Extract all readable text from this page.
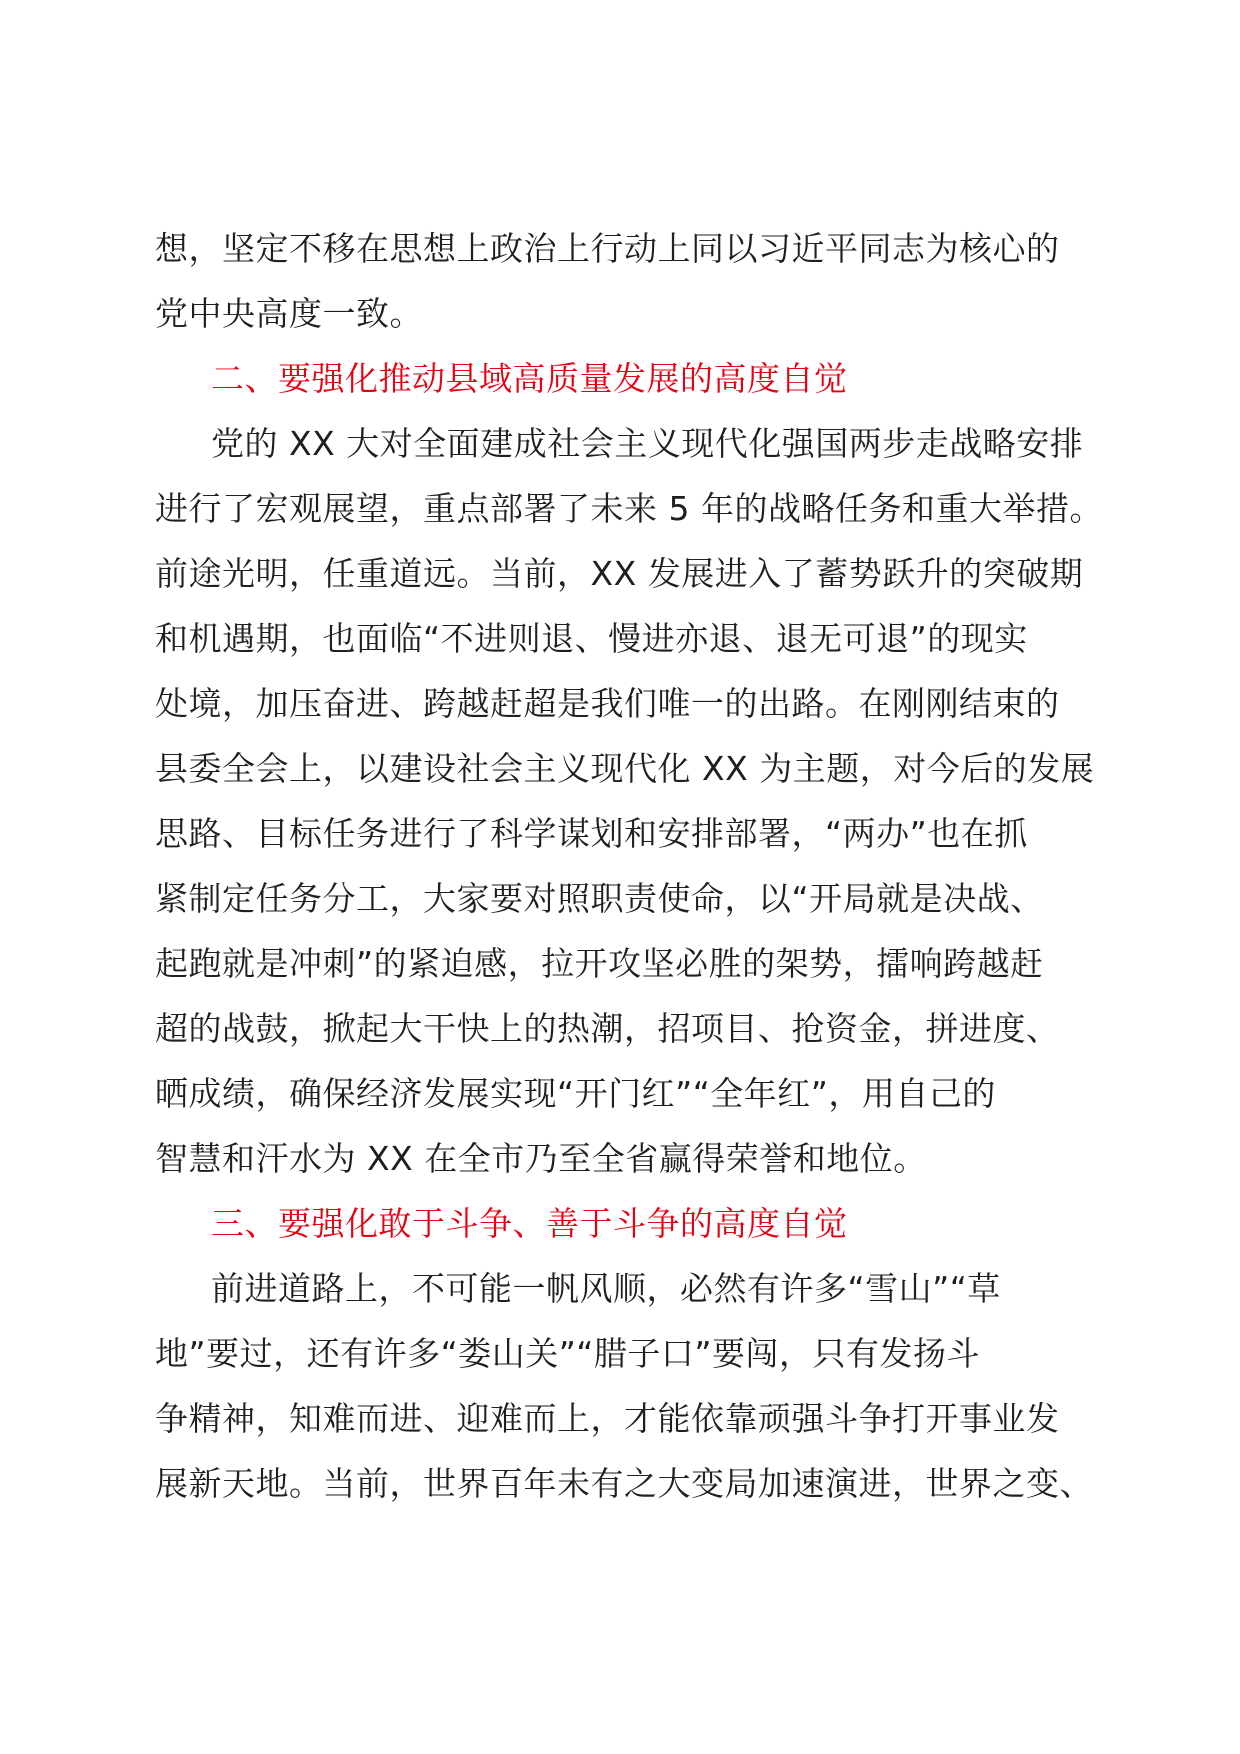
想，坚定不移在思想上政治上行动上同以习近平同志为核心的
党中央高度一致。
二、要强化推动县域高质量发展的高度自觉
党的 XX 大对全面建成社会主义现代化强国两步走战略安排
进行了宏观展望，重点部署了未来 5 年的战略任务和重大举措。
前途光明，任重道远。当前，XX 发展进入了蓄势跃升的突破期
和机遇期，也面临“不进则退、慢进亦退、退无可退”的现实
处境，加压奋进、跨越赶超是我们唯一的出路。在刚刚结束的
县委全会上，以建设社会主义现代化 XX 为主题，对今后的发展
思路、目标任务进行了科学谋划和安排部署，“两办”也在抓
紧制定任务分工，大家要对照职责使命，以“开局就是决战、
起跑就是冲刺”的紧迫感，拉开攻坚必胜的架势，擂响跨越赶
超的战鼓，掀起大干快上的热潮，招项目、抢资金，拼进度、
晒成绩，确保经济发展实现“开门红”“全年红”，用自己的
智慧和汗水为 XX 在全市乃至全省赢得荣誉和地位。
三、要强化敢于斗争、善于斗争的高度自觉
前进道路上，不可能一帆风顺，必然有许多“雪山”“草
地”要过，还有许多“娄山关”“腊子口”要闯，只有发扬斗
争精神，知难而进、迎难而上，才能依靠顽强斗争打开事业发
展新天地。当前，世界百年未有之大变局加速演进，世界之变、
